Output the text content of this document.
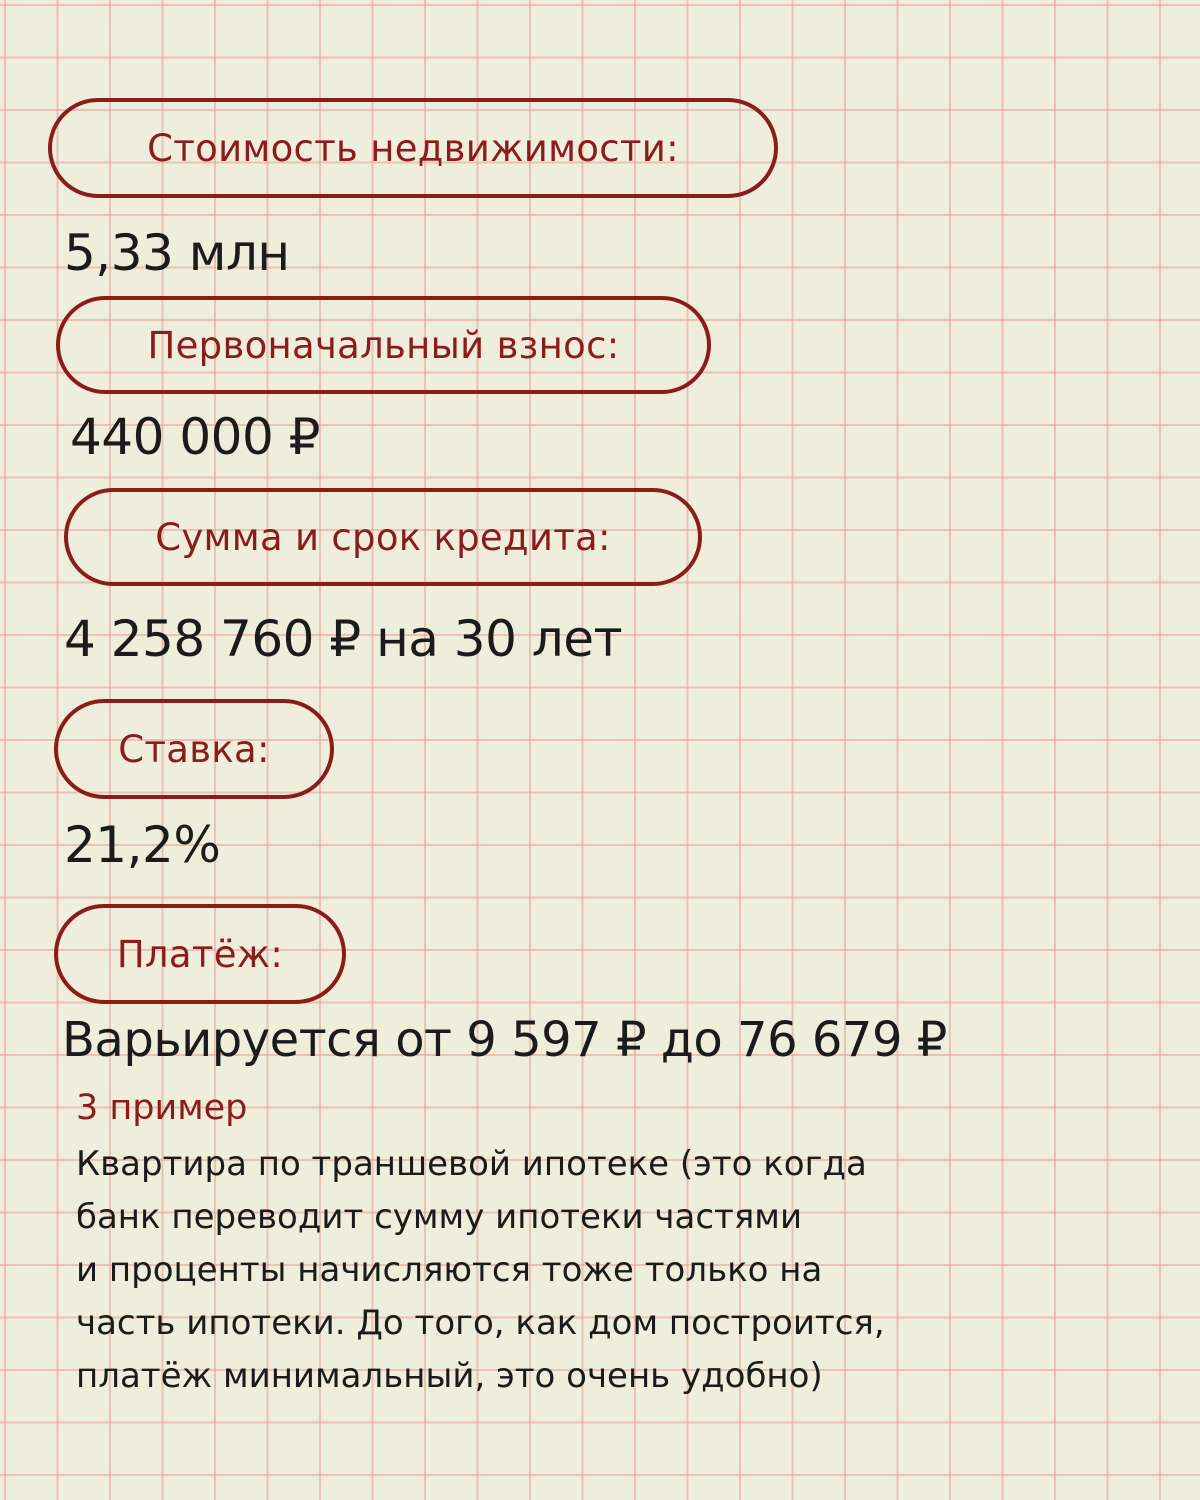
Стоимость недвижимости:
5,33 млн
Первоначальный взнос:
440 000 ₽
Сумма и срок кредита:
4 258 760 ₽ на 30 лет
Ставка:
21,2%
Платёж:
Варьируется от 9 597 ₽ до 76 679 ₽
3 пример
Квартира по траншевой ипотеке (это когда
банк переводит сумму ипотеки частями
и проценты начисляются тоже только на
часть ипотеки. До того, как дом построится,
платёж минимальный, это очень удобно)
